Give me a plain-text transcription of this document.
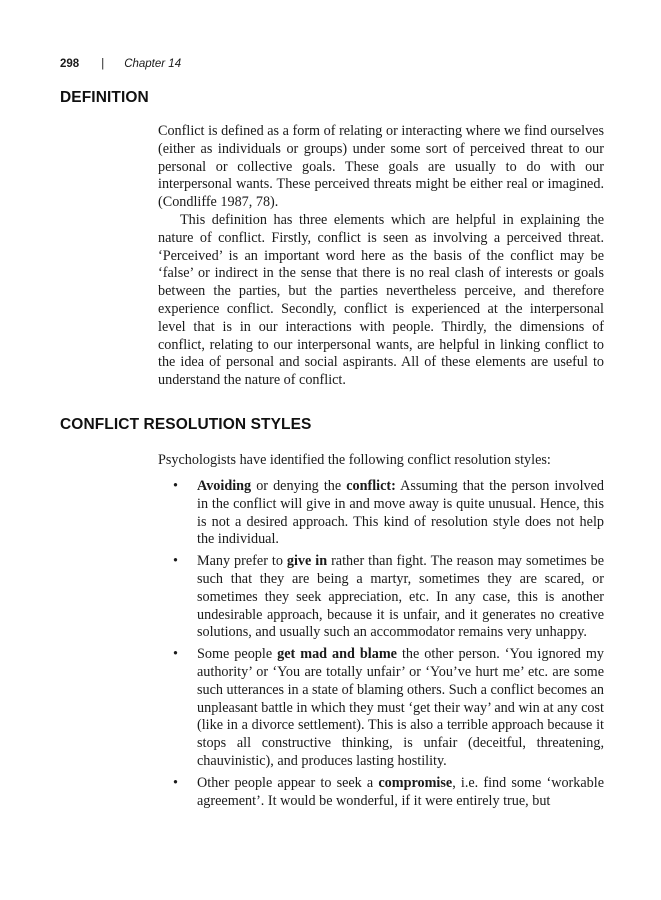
298 | Chapter 14
DEFINITION

Conflict is defined as a form of relating or interacting where we find ourselves (either as individuals or groups) under some sort of perceived threat to our personal or collective goals. These goals are usually to do with our interpersonal wants. These perceived threats might be either real or imagined. (Condliffe 1987, 78).

This definition has three elements which are helpful in explaining the nature of conflict. Firstly, conflict is seen as involving a perceived threat. ‘Perceived’ is an important word here as the basis of the conflict may be ‘false’ or indirect in the sense that there is no real clash of interests or goals between the parties, but the parties nevertheless perceive, and therefore experience conflict. Secondly, conflict is experienced at the interpersonal level that is in our interactions with people. Thirdly, the dimensions of conflict, relating to our interpersonal wants, are helpful in linking conflict to the idea of personal and social aspirants. All of these elements are useful to understand the nature of conflict.

CONFLICT RESOLUTION STYLES

Psychologists have identified the following conflict resolution styles:

• Avoiding or denying the conflict: Assuming that the person involved in the conflict will give in and move away is quite unusual. Hence, this is not a desired approach. This kind of resolution style does not help the individual.
• Many prefer to give in rather than fight. The reason may sometimes be such that they are being a martyr, sometimes they are scared, or sometimes they seek appreciation, etc. In any case, this is another undesirable approach, because it is unfair, and it generates no creative solutions, and usually such an accommodator remains very unhappy.
• Some people get mad and blame the other person. ‘You ignored my authority’ or ‘You are totally unfair’ or ‘You’ve hurt me’ etc. are some such utterances in a state of blaming others. Such a conflict becomes an unpleasant battle in which they must ‘get their way’ and win at any cost (like in a divorce settlement). This is also a terrible approach because it stops all constructive thinking, is unfair (deceitful, threatening, chauvinistic), and produces lasting hostility.
• Other people appear to seek a compromise, i.e. find some ‘workable agreement’. It would be wonderful, if it were entirely true, but
